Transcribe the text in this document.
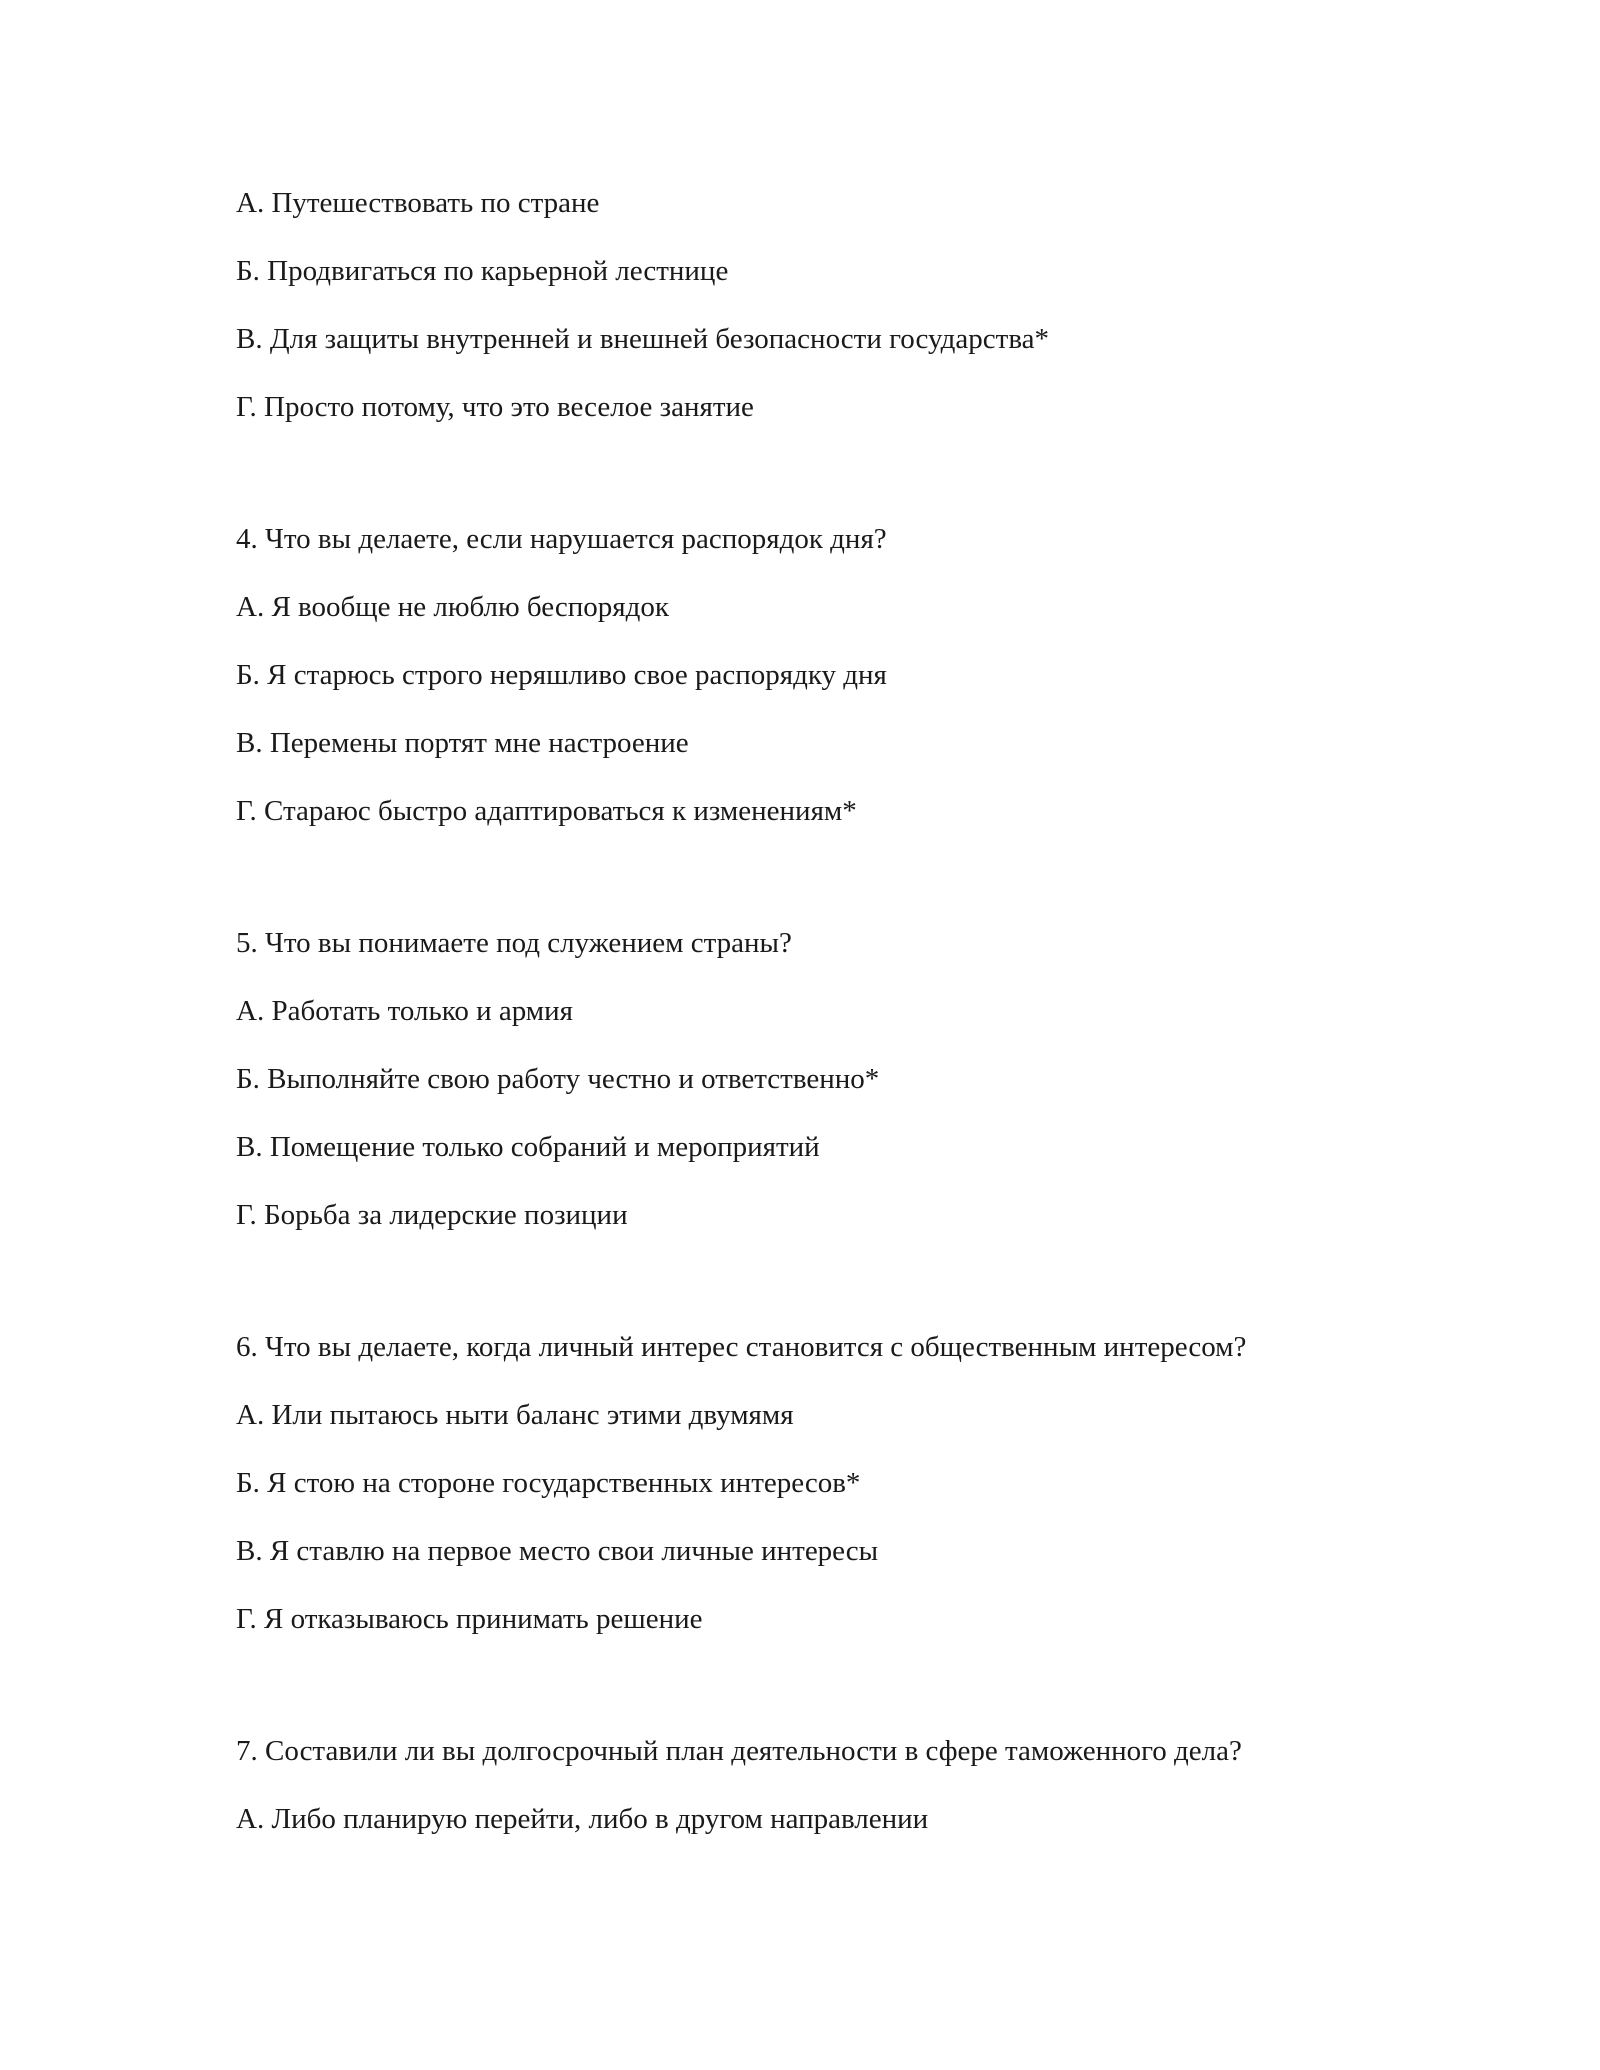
А. Путешествовать по стране
Б. Продвигаться по карьерной лестнице
В. Для защиты внутренней и внешней безопасности государства*
Г. Просто потому, что это веселое занятие
4. Что вы делаете, если нарушается распорядок дня?
А. Я вообще не люблю беспорядок
Б. Я старюсь строго неряшливо свое распорядку дня
В. Перемены портят мне настроение
Г. Стараюс быстро адаптироваться к изменениям*
5. Что вы понимаете под служением страны?
А. Работать только и армия
Б. Выполняйте свою работу честно и ответственно*
В. Помещение только собраний и мероприятий
Г. Борьба за лидерские позиции
6. Что вы делаете, когда личный интерес становится с общественным интересом?
А. Или пытаюсь ныти баланс этими двумямя
Б. Я стою на стороне государственных интересов*
В. Я ставлю на первое место свои личные интересы
Г. Я отказываюсь принимать решение
7. Составили ли вы долгосрочный план деятельности в сфере таможенного дела?
А. Либо планирую перейти, либо в другом направлении
